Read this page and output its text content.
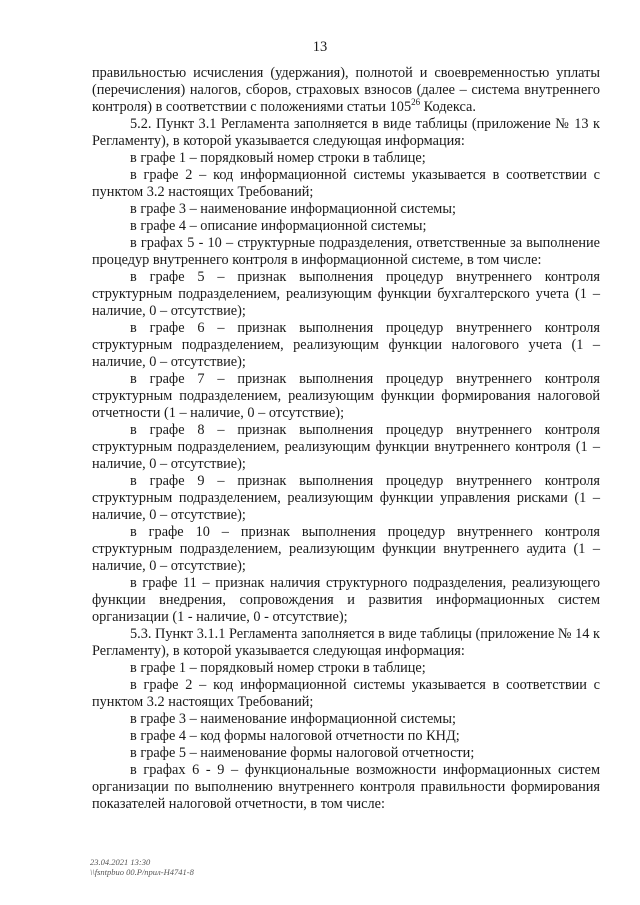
13

правильностью исчисления (удержания), полнотой и своевременностью уплаты (перечисления) налогов, сборов, страховых взносов (далее – система внутреннего контроля) в соответствии с положениями статьи $105^{26}$ Кодекса.

5.2. Пункт 3.1 Регламента заполняется в виде таблицы (приложение № 13 к Регламенту), в которой указывается следующая информация:

в графе 1 – порядковый номер строки в таблице;

в графе 2 – код информационной системы указывается в соответствии с пунктом 3.2 настоящих Требований;

в графе 3 – наименование информационной системы;

в графе 4 – описание информационной системы;

в графах 5 - 10 – структурные подразделения, ответственные за выполнение процедур внутреннего контроля в информационной системе, в том числе:

в графе 5 – признак выполнения процедур внутреннего контроля структурным подразделением, реализующим функции бухгалтерского учета (1 – наличие, 0 – отсутствие);

в графе 6 – признак выполнения процедур внутреннего контроля структурным подразделением, реализующим функции налогового учета (1 – наличие, 0 – отсутствие);

в графе 7 – признак выполнения процедур внутреннего контроля структурным подразделением, реализующим функции формирования налоговой отчетности (1 – наличие, 0 – отсутствие);

в графе 8 – признак выполнения процедур внутреннего контроля структурным подразделением, реализующим функции внутреннего контроля (1 – наличие, 0 – отсутствие);

в графе 9 – признак выполнения процедур внутреннего контроля структурным подразделением, реализующим функции управления рисками (1 – наличие, 0 – отсутствие);

в графе 10 – признак выполнения процедур внутреннего контроля структурным подразделением, реализующим функции внутреннего аудита (1 – наличие, 0 – отсутствие);

в графе 11 – признак наличия структурного подразделения, реализующего функции внедрения, сопровождения и развития информационных систем организации (1 - наличие, 0 - отсутствие);

5.3. Пункт 3.1.1 Регламента заполняется в виде таблицы (приложение № 14 к Регламенту), в которой указывается следующая информация:

в графе 1 – порядковый номер строки в таблице;

в графе 2 – код информационной системы указывается в соответствии с пунктом 3.2 настоящих Требований;

в графе 3 – наименование информационной системы;

в графе 4 – код формы налоговой отчетности по КНД;

в графе 5 – наименование формы налоговой отчетности;

в графах 6 - 9 – функциональные возможности информационных систем организации по выполнению внутреннего контроля правильности формирования показателей налоговой отчетности, в том числе:

23.04.2021 13:30
\\fsntpbuo 00.Р/прил-Н4741-8
